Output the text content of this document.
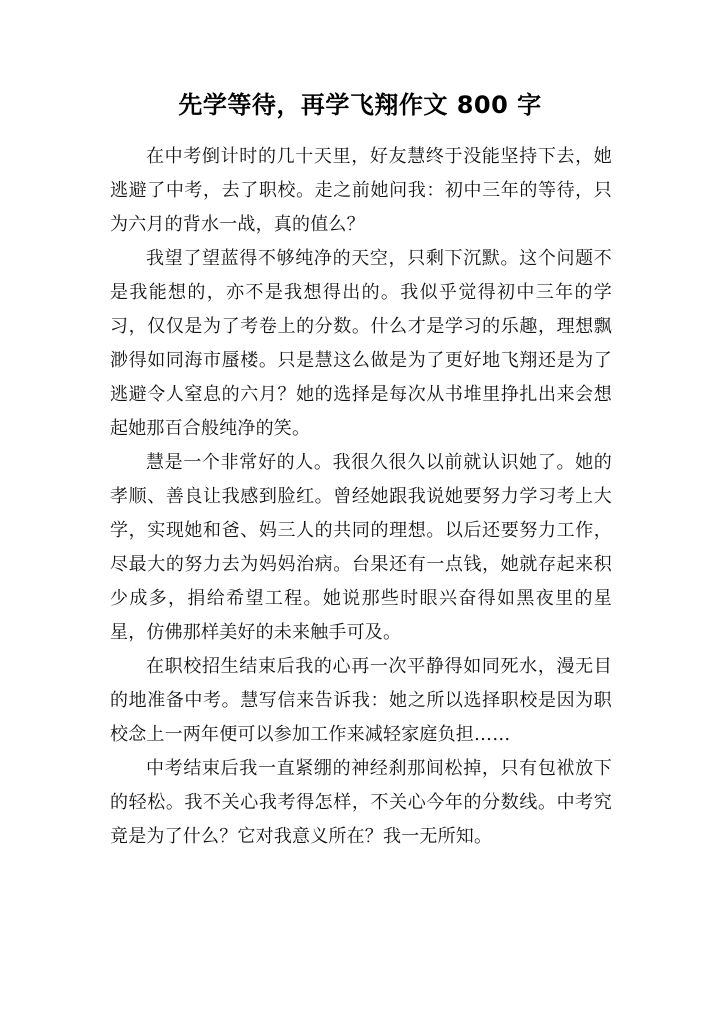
先学等待，再学飞翔作文 800 字

在中考倒计时的几十天里，好友慧终于没能坚持下去，她逃避了中考，去了职校。走之前她问我：初中三年的等待，只为六月的背水一战，真的值么？

我望了望蓝得不够纯净的天空，只剩下沉默。这个问题不是我能想的，亦不是我想得出的。我似乎觉得初中三年的学习，仅仅是为了考卷上的分数。什么才是学习的乐趣，理想飘渺得如同海市蜃楼。只是慧这么做是为了更好地飞翔还是为了逃避令人窒息的六月？她的选择是每次从书堆里挣扎出来会想起她那百合般纯净的笑。

慧是一个非常好的人。我很久很久以前就认识她了。她的孝顺、善良让我感到脸红。曾经她跟我说她要努力学习考上大学，实现她和爸、妈三人的共同的理想。以后还要努力工作，尽最大的努力去为妈妈治病。台果还有一点钱，她就存起来积少成多，捐给希望工程。她说那些时眼兴奋得如黑夜里的星星，仿佛那样美好的未来触手可及。

在职校招生结束后我的心再一次平静得如同死水，漫无目的地准备中考。慧写信来告诉我：她之所以选择职校是因为职校念上一两年便可以参加工作来减轻家庭负担……

中考结束后我一直紧绷的神经刹那间松掉，只有包袱放下的轻松。我不关心我考得怎样，不关心今年的分数线。中考究竟是为了什么？它对我意义所在？我一无所知。
